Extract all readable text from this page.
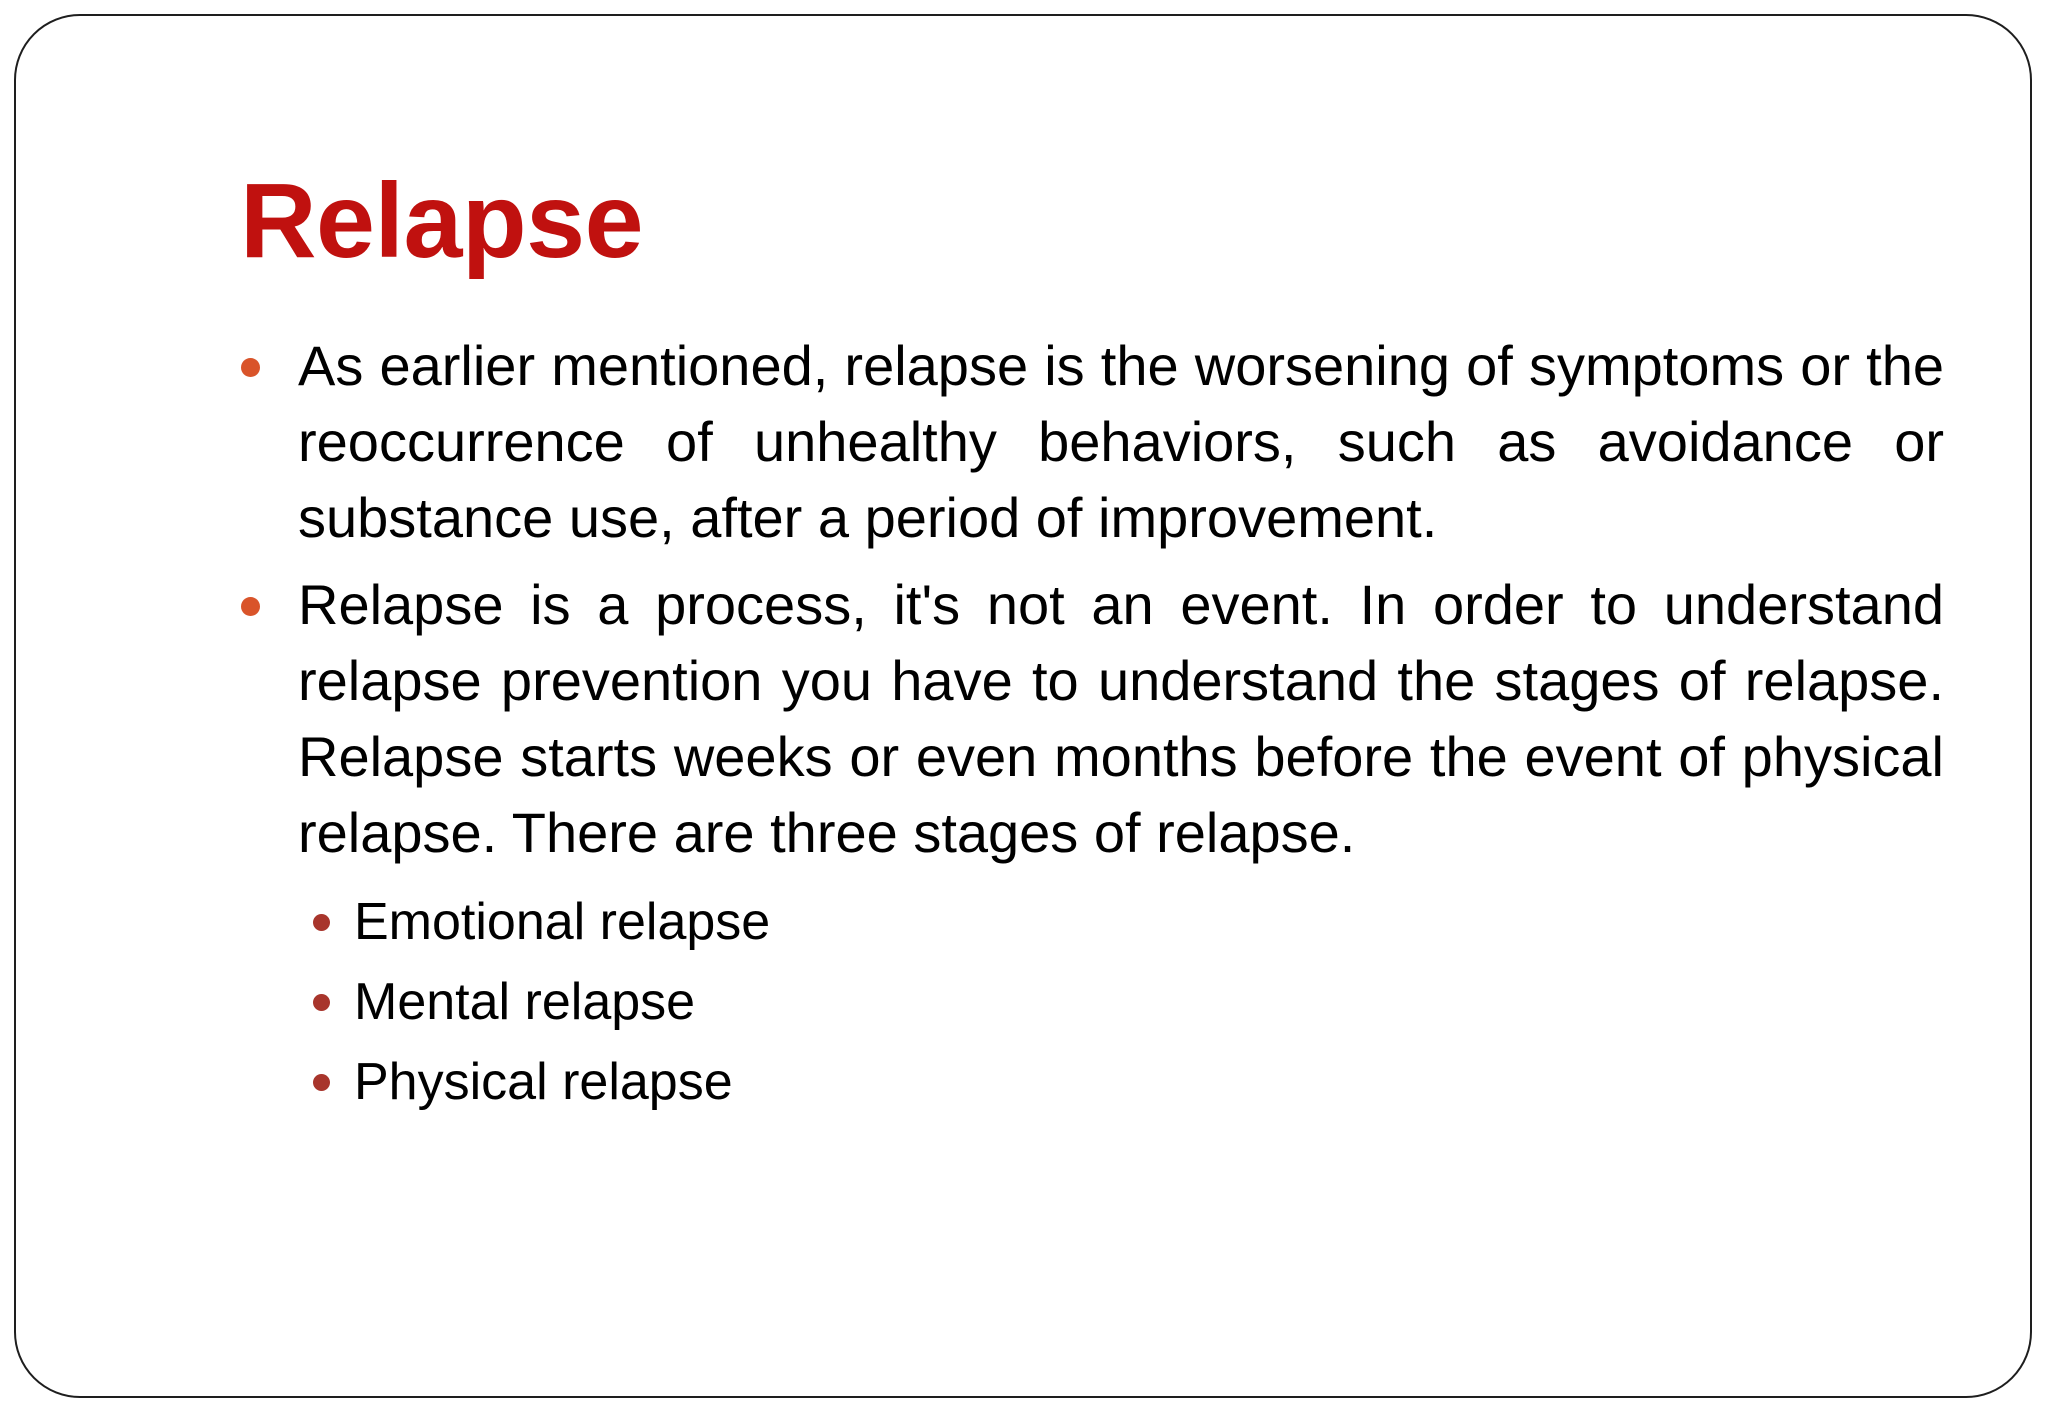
Relapse
As earlier mentioned, relapse is the worsening of symptoms or the reoccurrence of unhealthy behaviors, such as avoidance or substance use, after a period of improvement.
Relapse is a process, it's not an event. In order to understand relapse prevention you have to understand the stages of relapse. Relapse starts weeks or even months before the event of physical relapse. There are three stages of relapse.
Emotional relapse
Mental relapse
Physical relapse
